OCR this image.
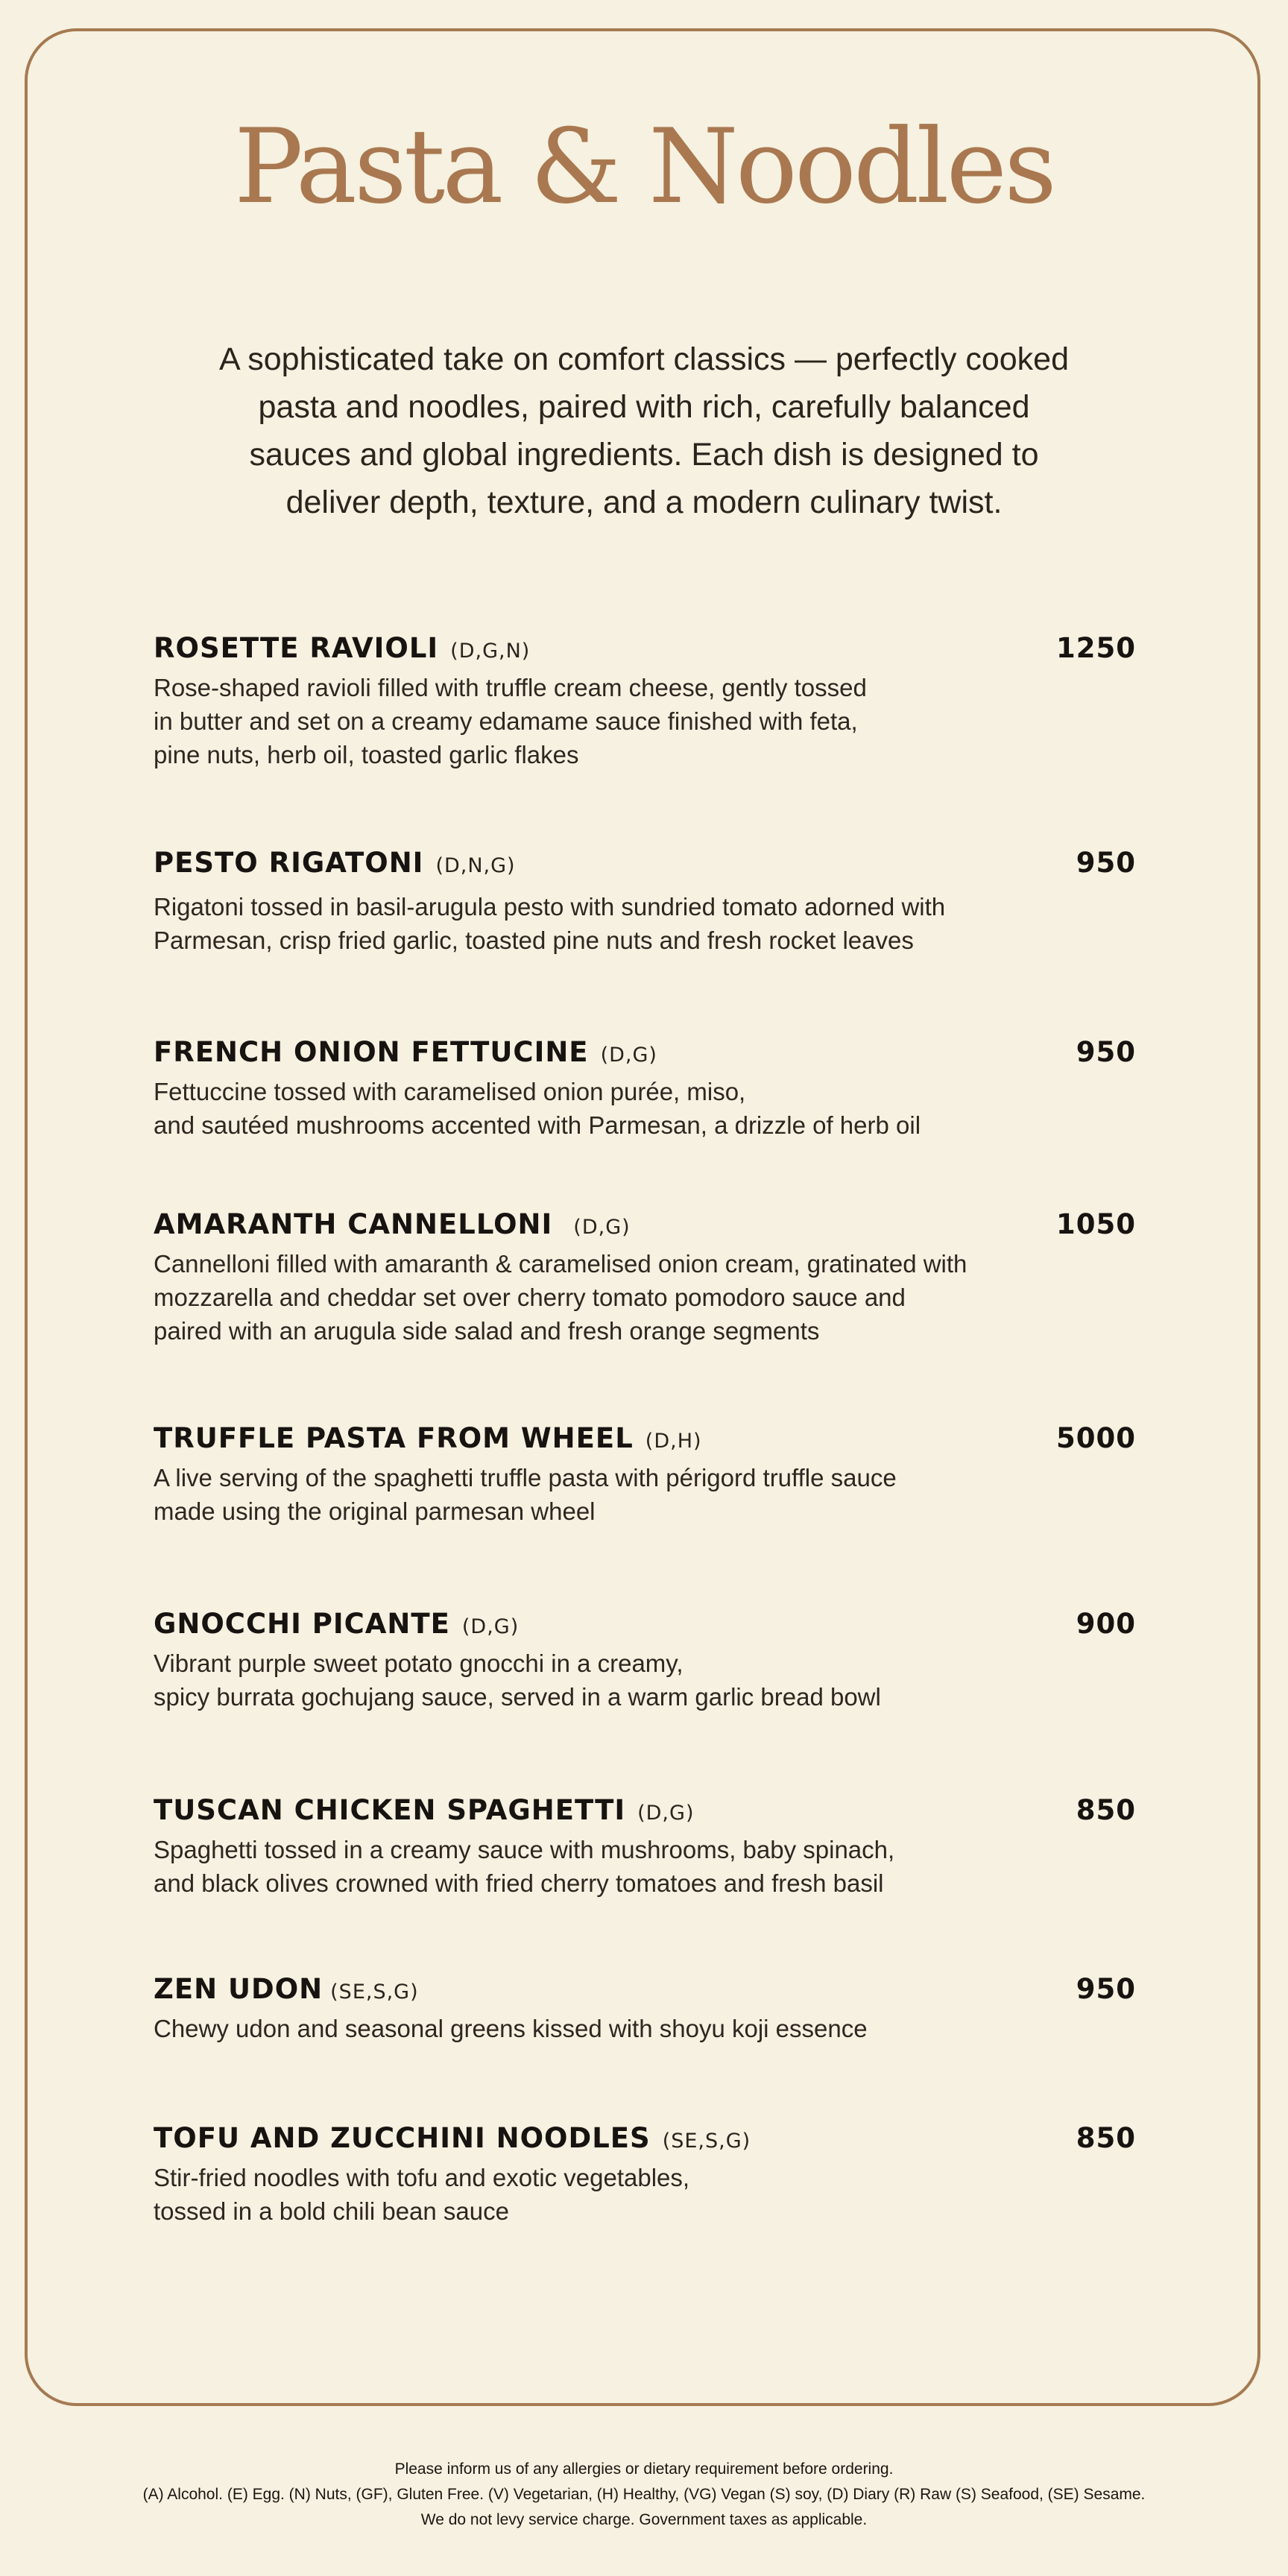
Pasta & Noodles
A sophisticated take on comfort classics — perfectly cooked
pasta and noodles, paired with rich, carefully balanced
sauces and global ingredients. Each dish is designed to
deliver depth, texture, and a modern culinary twist.
ROSETTE RAVIOLI (D,G,N)	1250
Rose-shaped ravioli filled with truffle cream cheese, gently tossed
in butter and set on a creamy edamame sauce finished with feta,
pine nuts, herb oil, toasted garlic flakes
PESTO RIGATONI (D,N,G)	950
Rigatoni tossed in basil-arugula pesto with sundried tomato adorned with
Parmesan, crisp fried garlic, toasted pine nuts and fresh rocket leaves
FRENCH ONION FETTUCINE (D,G)	950
Fettuccine tossed with caramelised onion purée, miso,
and sautéed mushrooms accented with Parmesan, a drizzle of herb oil
AMARANTH CANNELLONI (D,G)	1050
Cannelloni filled with amaranth & caramelised onion cream, gratinated with
mozzarella and cheddar set over cherry tomato pomodoro sauce and
paired with an arugula side salad and fresh orange segments
TRUFFLE PASTA FROM WHEEL (D,H)	5000
A live serving of the spaghetti truffle pasta with périgord truffle sauce
made using the original parmesan wheel
GNOCCHI PICANTE (D,G)	900
Vibrant purple sweet potato gnocchi in a creamy,
spicy burrata gochujang sauce, served in a warm garlic bread bowl
TUSCAN CHICKEN SPAGHETTI (D,G)	850
Spaghetti tossed in a creamy sauce with mushrooms, baby spinach,
and black olives crowned with fried cherry tomatoes and fresh basil
ZEN UDON (SE,S,G)	950
Chewy udon and seasonal greens kissed with shoyu koji essence
TOFU AND ZUCCHINI NOODLES (SE,S,G)	850
Stir-fried noodles with tofu and exotic vegetables,
tossed in a bold chili bean sauce
Please inform us of any allergies or dietary requirement before ordering.
(A) Alcohol. (E) Egg. (N) Nuts, (GF), Gluten Free. (V) Vegetarian, (H) Healthy, (VG) Vegan (S) soy, (D) Diary (R) Raw (S) Seafood, (SE) Sesame.
We do not levy service charge. Government taxes as applicable.
